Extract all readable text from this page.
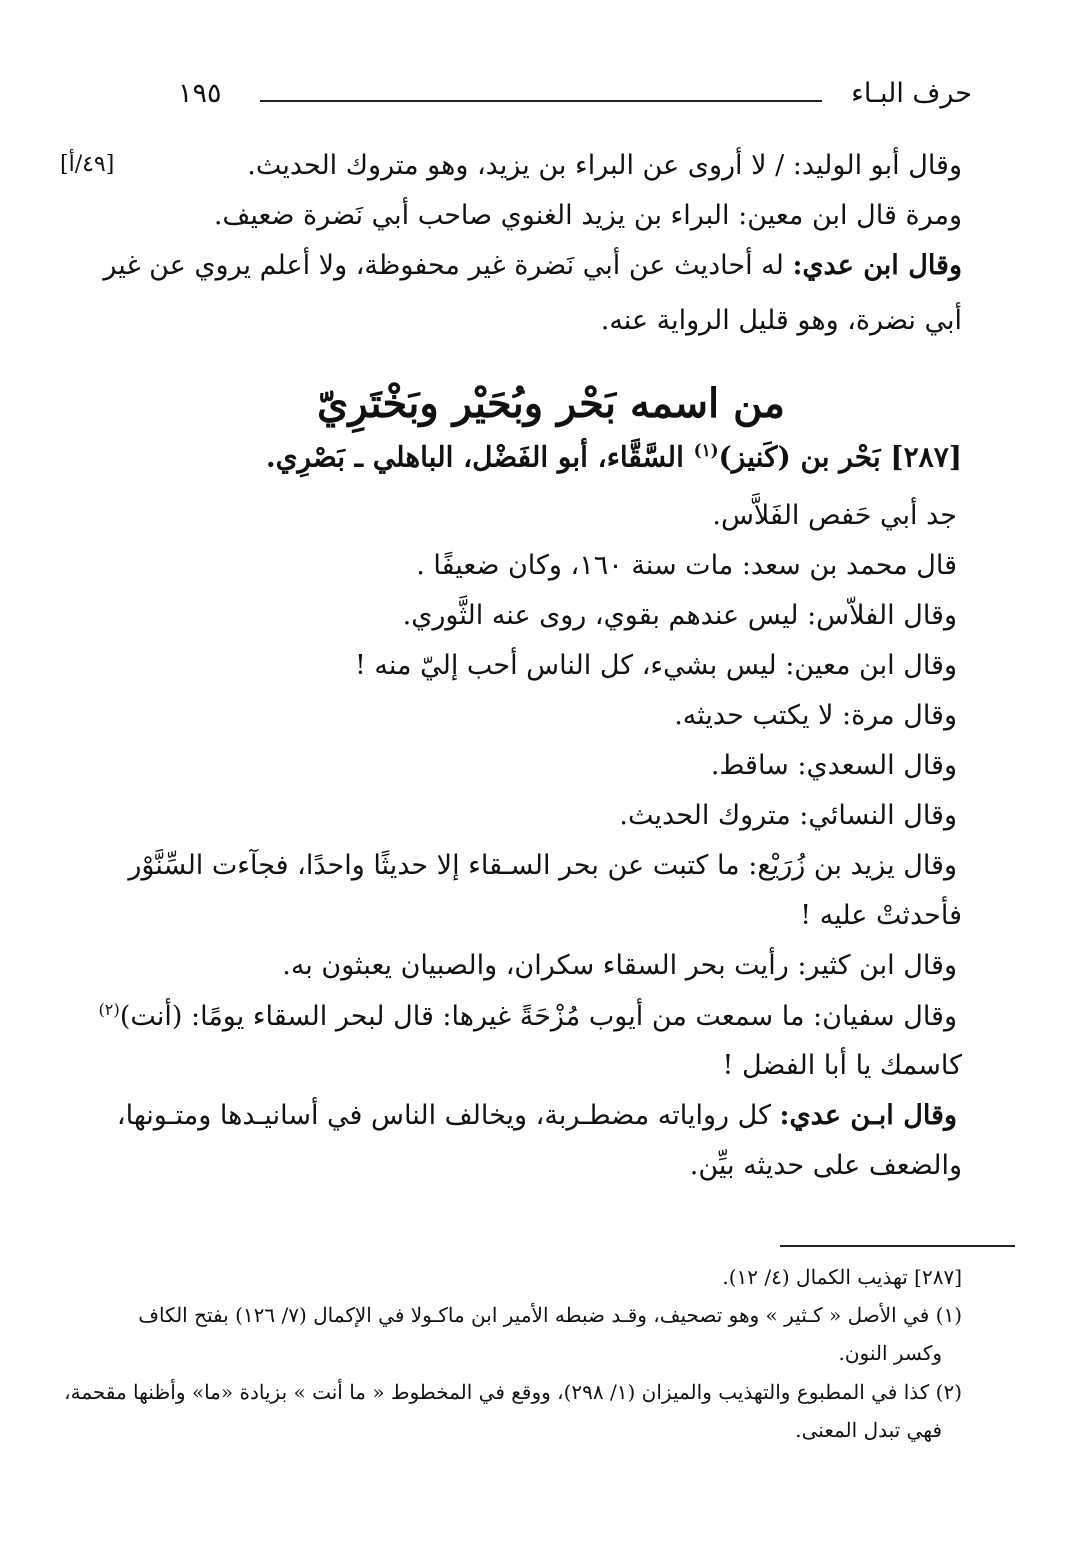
حرف البـاء
١٩٥
[٤٩/أ]	وقال أبو الوليد: / لا أروى عن البراء بن يزيد، وهو متروك الحديث.
ومرة قال ابن معين: البراء بن يزيد الغنوي صاحب أبي نَضرة ضعيف.
وقال ابن عدي: له أحاديث عن أبي نَضرة غير محفوظة، ولا أعلم يروي عن غير
أبي نضرة، وهو قليل الرواية عنه.
من اسمه بَحْر وبُحَيْر وبَخْتَرِيّ
[٢٨٧] بَحْر بن (كَنيز)$^{(١)}$ السَّقَّاء، أبو الفَضْل، الباهلي ـ بَصْرِي.
جد أبي حَفص الفَلاَّس.
قال محمد بن سعد: مات سنة ١٦٠، وكان ضعيفًا .
وقال الفلاّس: ليس عندهم بقوي، روى عنه الثَّوري.
وقال ابن معين: ليس بشيء، كل الناس أحب إليّ منه !
وقال مرة: لا يكتب حديثه.
وقال السعدي: ساقط.
وقال النسائي: متروك الحديث.
وقال يزيد بن زُرَيْع: ما كتبت عن بحر السـقاء إلا حديثًا واحدًا، فجآءت السِّنَّوْر
فأحدثتْ عليه !
وقال ابن كثير: رأيت بحر السقاء سكران، والصبيان يعبثون به.
وقال سفيان: ما سمعت من أيوب مُزْحَةً غيرها: قال لبحر السقاء يومًا: (أنت)$^{(٢)}$
كاسمك يا أبا الفضل !
وقال ابـن عدي: كل رواياته مضطـربة، ويخالف الناس في أسانيـدها ومتـونها،
والضعف على حديثه بيِّن.
[٢٨٧] تهذيب الكمال (٤/ ١٢).
(١) في الأصل « كـثير » وهو تصحيف، وقـد ضبطه الأمير ابن ماكـولا في الإكمال (٧/ ١٢٦) بفتح الكاف
وكسر النون.
(٢) كذا في المطبوع والتهذيب والميزان (١/ ٢٩٨)، ووقع في المخطوط « ما أنت » بزيادة «ما» وأظنها مقحمة،
فهي تبدل المعنى.
